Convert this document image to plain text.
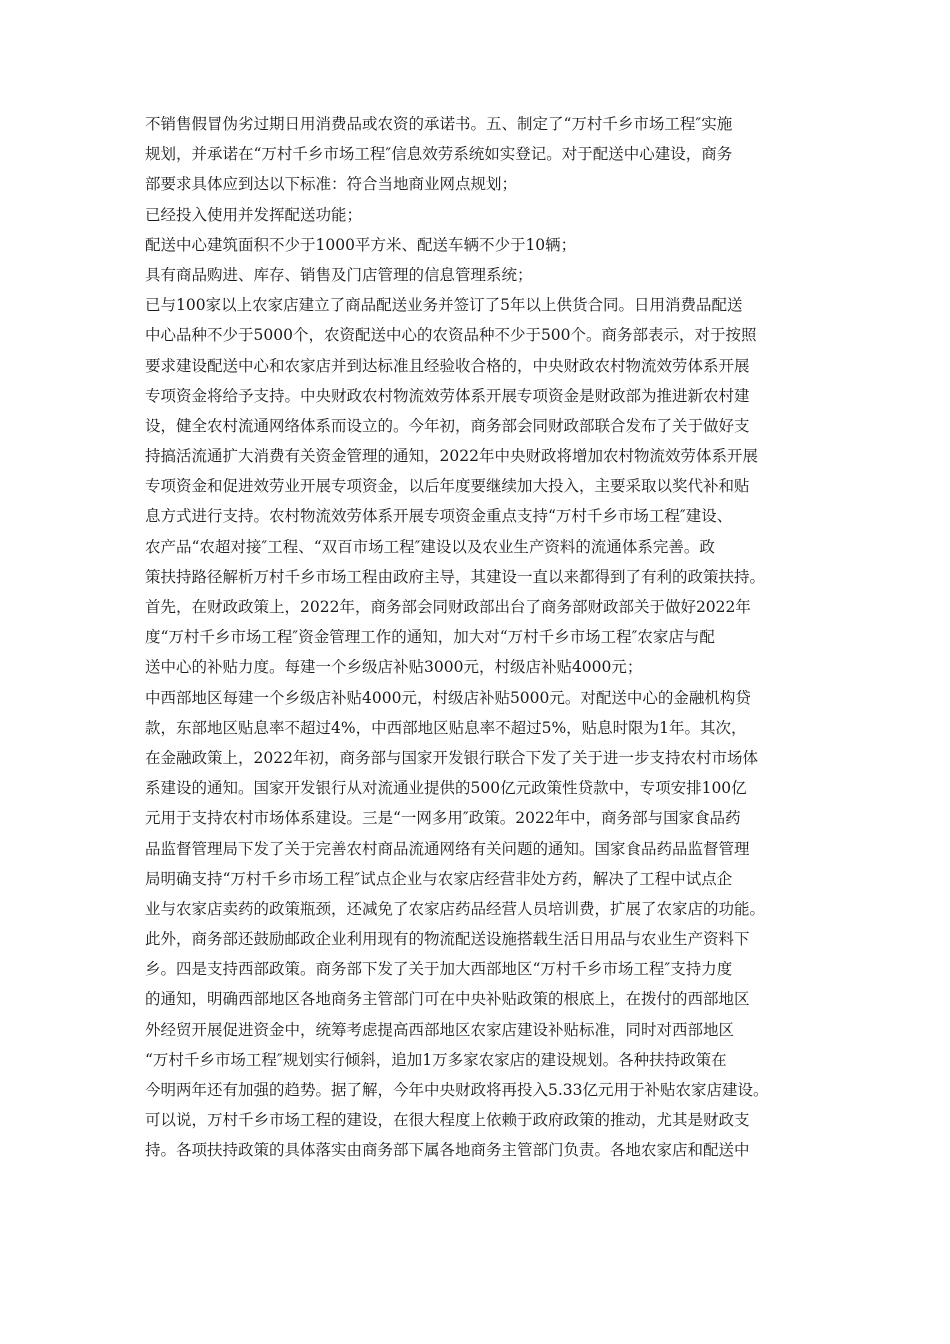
不销售假冒伪劣过期日用消费品或农资的承诺书。五、制定了“万村千乡市场工程″实施
规划，并承诺在“万村千乡市场工程″信息效劳系统如实登记。对于配送中心建设，商务
部要求具体应到达以下标准：符合当地商业网点规划；
已经投入使用并发挥配送功能；
配送中心建筑面积不少于1000平方米、配送车辆不少于10辆；
具有商品购进、库存、销售及门店管理的信息管理系统；
已与100家以上农家店建立了商品配送业务并签订了5年以上供货合同。日用消费品配送
中心品种不少于5000个，农资配送中心的农资品种不少于500个。商务部表示，对于按照
要求建设配送中心和农家店并到达标准且经验收合格的，中央财政农村物流效劳体系开展
专项资金将给予支持。中央财政农村物流效劳体系开展专项资金是财政部为推进新农村建
设，健全农村流通网络体系而设立的。今年初，商务部会同财政部联合发布了关于做好支
持搞活流通扩大消费有关资金管理的通知，2022年中央财政将增加农村物流效劳体系开展
专项资金和促进效劳业开展专项资金，以后年度要继续加大投入，主要采取以奖代补和贴
息方式进行支持。农村物流效劳体系开展专项资金重点支持“万村千乡市场工程″建设、
农产品“农超对接″工程、“双百市场工程″建设以及农业生产资料的流通体系完善。政
策扶持路径解析万村千乡市场工程由政府主导，其建设一直以来都得到了有利的政策扶持。
首先，在财政政策上，2022年，商务部会同财政部出台了商务部财政部关于做好2022年
度“万村千乡市场工程″资金管理工作的通知，加大对“万村千乡市场工程″农家店与配
送中心的补贴力度。每建一个乡级店补贴3000元，村级店补贴4000元；
中西部地区每建一个乡级店补贴4000元，村级店补贴5000元。对配送中心的金融机构贷
款，东部地区贴息率不超过4%，中西部地区贴息率不超过5%，贴息时限为1年。其次，
在金融政策上，2022年初，商务部与国家开发银行联合下发了关于进一步支持农村市场体
系建设的通知。国家开发银行从对流通业提供的500亿元政策性贷款中，专项安排100亿
元用于支持农村市场体系建设。三是“一网多用″政策。2022年中，商务部与国家食品药
品监督管理局下发了关于完善农村商品流通网络有关问题的通知。国家食品药品监督管理
局明确支持“万村千乡市场工程″试点企业与农家店经营非处方药，解决了工程中试点企
业与农家店卖药的政策瓶颈，还减免了农家店药品经营人员培训费，扩展了农家店的功能。
此外，商务部还鼓励邮政企业利用现有的物流配送设施搭载生活日用品与农业生产资料下
乡。四是支持西部政策。商务部下发了关于加大西部地区“万村千乡市场工程″支持力度
的通知，明确西部地区各地商务主管部门可在中央补贴政策的根底上，在拨付的西部地区
外经贸开展促进资金中，统筹考虑提高西部地区农家店建设补贴标准，同时对西部地区
“万村千乡市场工程″规划实行倾斜，追加1万多家农家店的建设规划。各种扶持政策在
今明两年还有加强的趋势。据了解，今年中央财政将再投入5.33亿元用于补贴农家店建设。
可以说，万村千乡市场工程的建设，在很大程度上依赖于政府政策的推动，尤其是财政支
持。各项扶持政策的具体落实由商务部下属各地商务主管部门负责。各地农家店和配送中
